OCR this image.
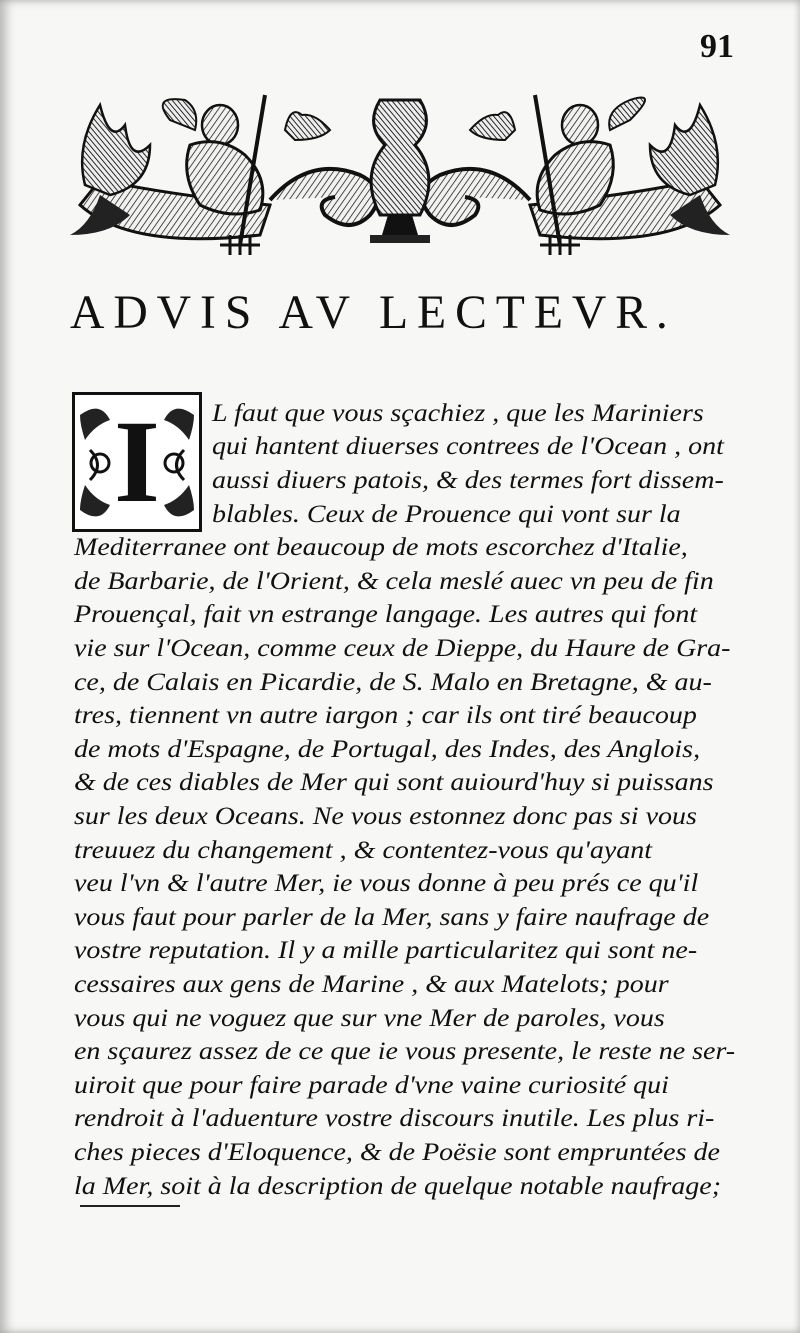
91
ADVIS AV LECTEVR.
I	L faut que vous sçachiez , que les Mariniers
qui hantent diuerses contrees de l'Ocean , ont
aussi diuers patois, & des termes fort dissem-
blables. Ceux de Prouence qui vont sur la
Mediterranee ont beaucoup de mots escorchez d'Italie,
de Barbarie, de l'Orient, & cela meslé auec vn peu de fin
Prouençal, fait vn estrange langage. Les autres qui font
vie sur l'Ocean, comme ceux de Dieppe, du Haure de Gra-
ce, de Calais en Picardie, de S. Malo en Bretagne, & au-
tres, tiennent vn autre iargon ; car ils ont tiré beaucoup
de mots d'Espagne, de Portugal, des Indes, des Anglois,
& de ces diables de Mer qui sont auiourd'huy si puissans
sur les deux Oceans. Ne vous estonnez donc pas si vous
treuuez du changement , & contentez-vous qu'ayant
veu l'vn & l'autre Mer, ie vous donne à peu prés ce qu'il
vous faut pour parler de la Mer, sans y faire naufrage de
vostre reputation. Il y a mille particularitez qui sont ne-
cessaires aux gens de Marine , & aux Matelots; pour
vous qui ne voguez que sur vne Mer de paroles, vous
en sçaurez assez de ce que ie vous presente, le reste ne ser-
uiroit que pour faire parade d'vne vaine curiosité qui
rendroit à l'aduenture vostre discours inutile. Les plus ri-
ches pieces d'Eloquence, & de Poësie sont empruntées de
la Mer, soit à la description de quelque notable naufrage;
